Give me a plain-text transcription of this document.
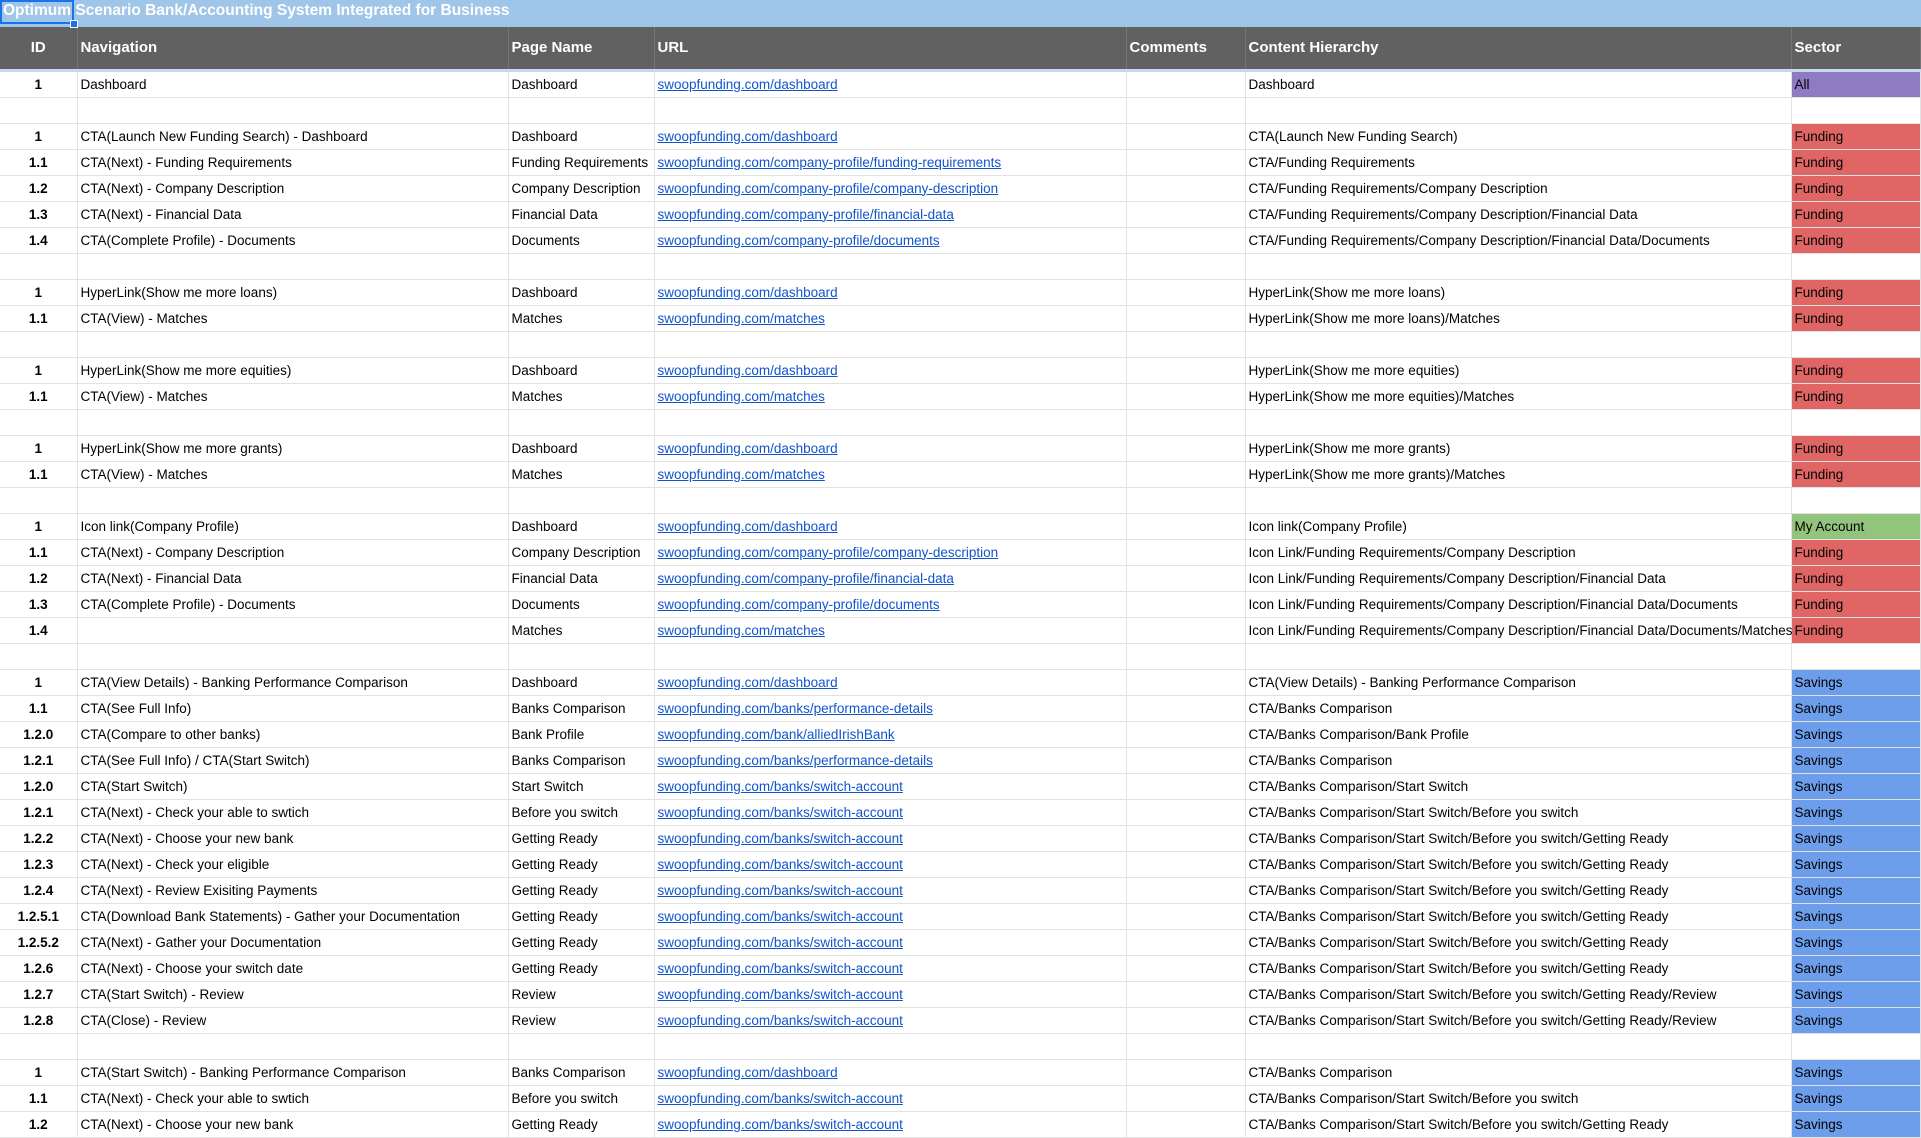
Optimum Scenario Bank/Accounting System Integrated for Business						

ID	Navigation	Page Name	URL	Comments	Content Hierarchy	Sector
1	Dashboard	Dashboard	swoopfunding.com/dashboard		Dashboard	All

1	CTA(Launch New Funding Search) - Dashboard	Dashboard	swoopfunding.com/dashboard		CTA(Launch New Funding Search)	Funding
1.1	CTA(Next) - Funding Requirements	Funding Requirements	swoopfunding.com/company-profile/funding-requirements		CTA/Funding Requirements	Funding
1.2	CTA(Next) - Company Description	Company Description	swoopfunding.com/company-profile/company-description		CTA/Funding Requirements/Company Description	Funding
1.3	CTA(Next) - Financial Data	Financial Data	swoopfunding.com/company-profile/financial-data		CTA/Funding Requirements/Company Description/Financial Data	Funding
1.4	CTA(Complete Profile) - Documents	Documents	swoopfunding.com/company-profile/documents		CTA/Funding Requirements/Company Description/Financial Data/Documents	Funding

1	HyperLink(Show me more loans)	Dashboard	swoopfunding.com/dashboard		HyperLink(Show me more loans)	Funding
1.1	CTA(View) - Matches	Matches	swoopfunding.com/matches		HyperLink(Show me more loans)/Matches	Funding

1	HyperLink(Show me more equities)	Dashboard	swoopfunding.com/dashboard		HyperLink(Show me more equities)	Funding
1.1	CTA(View) - Matches	Matches	swoopfunding.com/matches		HyperLink(Show me more equities)/Matches	Funding

1	HyperLink(Show me more grants)	Dashboard	swoopfunding.com/dashboard		HyperLink(Show me more grants)	Funding
1.1	CTA(View) - Matches	Matches	swoopfunding.com/matches		HyperLink(Show me more grants)/Matches	Funding

1	Icon link(Company Profile)	Dashboard	swoopfunding.com/dashboard		Icon link(Company Profile)	My Account
1.1	CTA(Next) - Company Description	Company Description	swoopfunding.com/company-profile/company-description		Icon Link/Funding Requirements/Company Description	Funding
1.2	CTA(Next) - Financial Data	Financial Data	swoopfunding.com/company-profile/financial-data		Icon Link/Funding Requirements/Company Description/Financial Data	Funding
1.3	CTA(Complete Profile) - Documents	Documents	swoopfunding.com/company-profile/documents		Icon Link/Funding Requirements/Company Description/Financial Data/Documents	Funding
1.4		Matches	swoopfunding.com/matches		Icon Link/Funding Requirements/Company Description/Financial Data/Documents/Matches	Funding

1	CTA(View Details) - Banking Performance Comparison	Dashboard	swoopfunding.com/dashboard		CTA(View Details) - Banking Performance Comparison	Savings
1.1	CTA(See Full Info)	Banks Comparison	swoopfunding.com/banks/performance-details		CTA/Banks Comparison	Savings
1.2.0	CTA(Compare to other banks)	Bank Profile	swoopfunding.com/bank/alliedIrishBank		CTA/Banks Comparison/Bank Profile	Savings
1.2.1	CTA(See Full Info) / CTA(Start Switch)	Banks Comparison	swoopfunding.com/banks/performance-details		CTA/Banks Comparison	Savings
1.2.0	CTA(Start Switch)	Start Switch	swoopfunding.com/banks/switch-account		CTA/Banks Comparison/Start Switch	Savings
1.2.1	CTA(Next) - Check your able to swtich	Before you switch	swoopfunding.com/banks/switch-account		CTA/Banks Comparison/Start Switch/Before you switch	Savings
1.2.2	CTA(Next) - Choose your new bank	Getting Ready	swoopfunding.com/banks/switch-account		CTA/Banks Comparison/Start Switch/Before you switch/Getting Ready	Savings
1.2.3	CTA(Next) - Check your eligible	Getting Ready	swoopfunding.com/banks/switch-account		CTA/Banks Comparison/Start Switch/Before you switch/Getting Ready	Savings
1.2.4	CTA(Next) - Review Exisiting Payments	Getting Ready	swoopfunding.com/banks/switch-account		CTA/Banks Comparison/Start Switch/Before you switch/Getting Ready	Savings
1.2.5.1	CTA(Download Bank Statements) - Gather your Documentation	Getting Ready	swoopfunding.com/banks/switch-account		CTA/Banks Comparison/Start Switch/Before you switch/Getting Ready	Savings
1.2.5.2	CTA(Next) - Gather your Documentation	Getting Ready	swoopfunding.com/banks/switch-account		CTA/Banks Comparison/Start Switch/Before you switch/Getting Ready	Savings
1.2.6	CTA(Next) - Choose your switch date	Getting Ready	swoopfunding.com/banks/switch-account		CTA/Banks Comparison/Start Switch/Before you switch/Getting Ready	Savings
1.2.7	CTA(Start Switch) - Review	Review	swoopfunding.com/banks/switch-account		CTA/Banks Comparison/Start Switch/Before you switch/Getting Ready/Review	Savings
1.2.8	CTA(Close) - Review	Review	swoopfunding.com/banks/switch-account		CTA/Banks Comparison/Start Switch/Before you switch/Getting Ready/Review	Savings

1	CTA(Start Switch) - Banking Performance Comparison	Banks Comparison	swoopfunding.com/dashboard		CTA/Banks Comparison	Savings
1.1	CTA(Next) - Check your able to swtich	Before you switch	swoopfunding.com/banks/switch-account		CTA/Banks Comparison/Start Switch/Before you switch	Savings
1.2	CTA(Next) - Choose your new bank	Getting Ready	swoopfunding.com/banks/switch-account		CTA/Banks Comparison/Start Switch/Before you switch/Getting Ready	Savings
